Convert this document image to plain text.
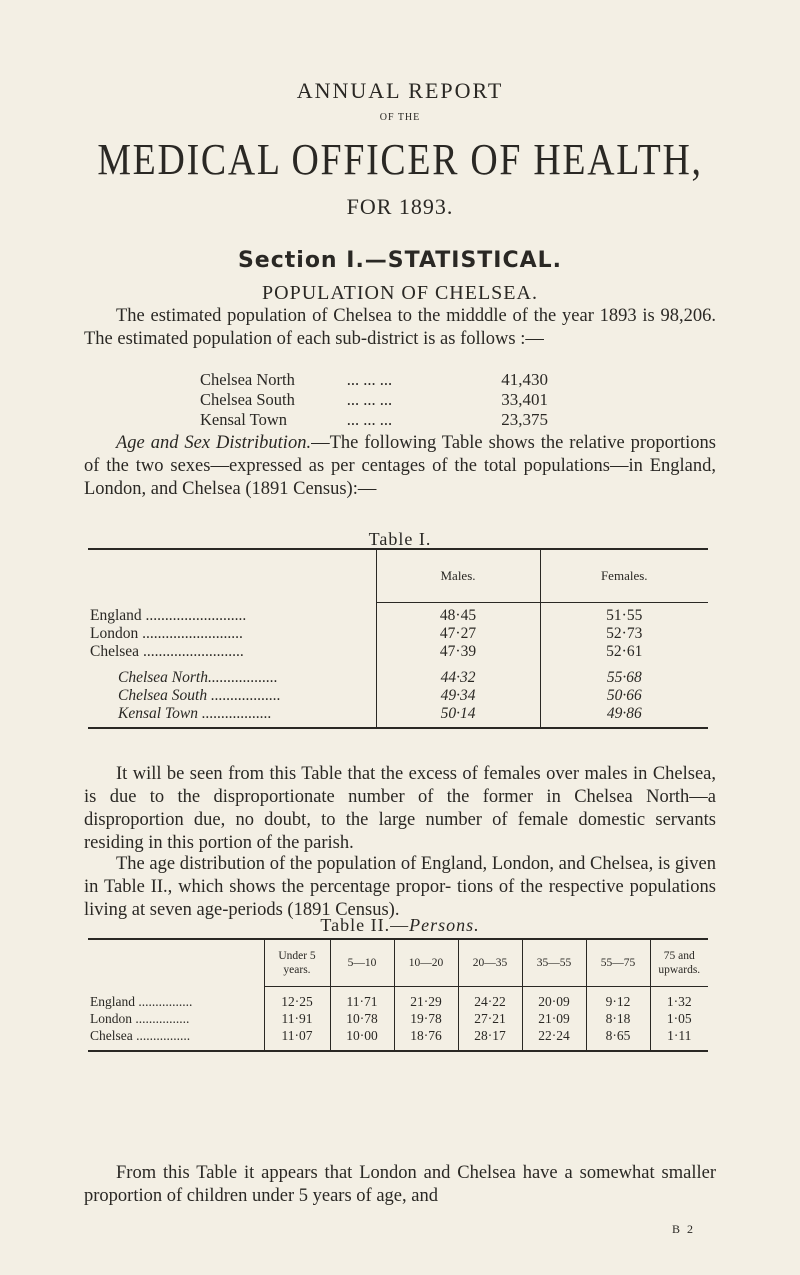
ANNUAL REPORT
OF THE
MEDICAL OFFICER OF HEALTH,
FOR 1893.
Section I.—STATISTICAL.
POPULATION OF CHELSEA.

The estimated population of Chelsea to the midddle of the year 1893 is 98,206. The estimated population of each sub-district is as follows :—

Chelsea North	... ... ...	41,430
Chelsea South	... ... ...	33,401
Kensal Town	... ... ...	23,375

Age and Sex Distribution.—The following Table shows the relative proportions of the two sexes—expressed as per centages of the total populations—in England, London, and Chelsea (1891 Census):—

Table I.
	Males.	Females.

England ..........................	48·45	51·55
London ..........................	47·27	52·73
Chelsea ..........................	47·39	52·61

Chelsea North..................	44·32	55·68
Chelsea South ..................	49·34	50·66
Kensal Town ..................	50·14	49·86

It will be seen from this Table that the excess of females over males in Chelsea, is due to the disproportionate number of the former in Chelsea North—a disproportion due, no doubt, to the large number of female domestic servants residing in this portion of the parish.

The age distribution of the population of England, London, and Chelsea, is given in Table II., which shows the percentage propor- tions of the respective populations living at seven age-periods (1891 Census).

Table II.—Persons.
	Under 5 years.	5—10	10—20	20—35	35—55	55—75	75 and upwards.

England ................	12·25	11·71	21·29	24·22	20·09	9·12	1·32
London ................	11·91	10·78	19·78	27·21	21·09	8·18	1·05
Chelsea ................	11·07	10·00	18·76	28·17	22·24	8·65	1·11

From this Table it appears that London and Chelsea have a somewhat smaller proportion of children under 5 years of age, and

B 2
